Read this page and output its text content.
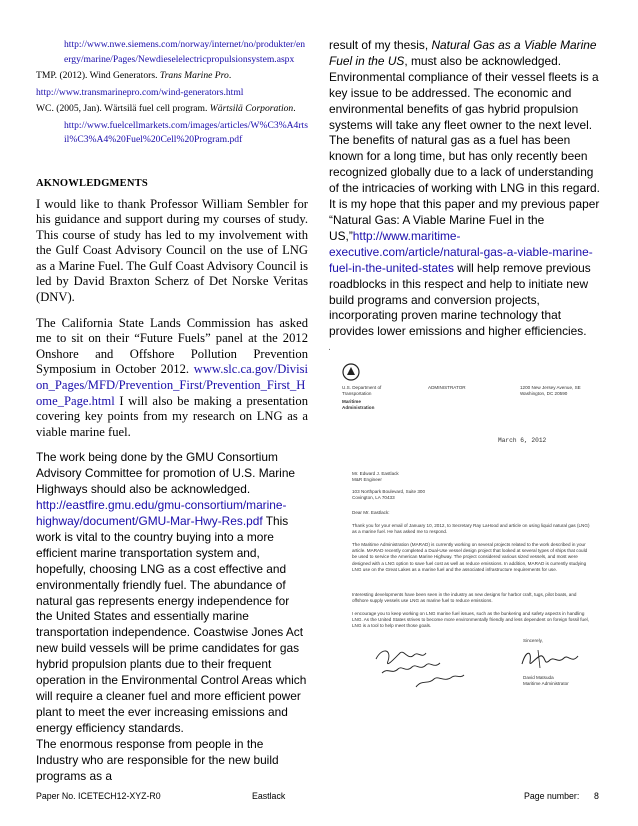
http://www.nwe.siemens.com/norway/internet/no/produkter/energy/marine/Pages/Newdieselelectricpropulsionsystem.aspx
TMP. (2012). Wind Generators. Trans Marine Pro.
http://www.transmarinepro.com/wind-generators.html
WC. (2005, Jan). Wärtsilä fuel cell program. Wärtsilä Corporation.
http://www.fuelcellmarkets.com/images/articles/W%C3%A4rtsil%C3%A4%20Fuel%20Cell%20Program.pdf
AKNOWLEDGMENTS

I would like to thank Professor William Sembler for his guidance and support during my courses of study. This course of study has led to my involvement with the Gulf Coast Advisory Council on the use of LNG as a Marine Fuel. The Gulf Coast Advisory Council is led by David Braxton Scherz of Det Norske Veritas (DNV).

The California State Lands Commission has asked me to sit on their “Future Fuels” panel at the 2012 Onshore and Offshore Pollution Prevention Symposium in October 2012. www.slc.ca.gov/Division_Pages/MFD/Prevention_First/Prevention_First_Home_Page.html I will also be making a presentation covering key points from my research on LNG as a viable marine fuel.

The work being done by the GMU Consortium Advisory Committee for promotion of U.S. Marine Highways should also be acknowledged. http://eastfire.gmu.edu/gmu-consortium/marine-highway/document/GMU-Mar-Hwy-Res.pdf This work is vital to the country buying into a more efficient marine transportation system and, hopefully, choosing LNG as a cost effective and environmentally friendly fuel. The abundance of natural gas represents energy independence for the United States and essentially marine transportation independence. Coastwise Jones Act new build vessels will be prime candidates for gas hybrid propulsion plants due to their frequent operation in the Environmental Control Areas which will require a cleaner fuel and more efficient power plant to meet the ever increasing emissions and energy efficiency standards.

The enormous response from people in the Industry who are responsible for the new build programs as a

result of my thesis, Natural Gas as a Viable Marine Fuel in the US, must also be acknowledged. Environmental compliance of their vessel fleets is a key issue to be addressed. The economic and environmental benefits of gas hybrid propulsion systems will take any fleet owner to the next level. The benefits of natural gas as a fuel has been known for a long time, but has only recently been recognized globally due to a lack of understanding of the intricacies of working with LNG in this regard. It is my hope that this paper and my previous paper “Natural Gas: A Viable Marine Fuel in the US,”http://www.maritime-executive.com/article/natural-gas-a-viable-marine-fuel-in-the-united-states will help remove previous roadblocks in this respect and help to initiate new build programs and conversion projects, incorporating proven marine technology that provides lower emissions and higher efficiencies.

U.S. Department of Transportation
Maritime Administration
ADMINISTRATOR	1200 New Jersey Avenue, SE Washington, DC 20590
March 6, 2012
Mr. Edward J. Eastlack
M&R Engineer
103 Northpark Boulevard, Suite 300
Covington, LA 70433
Dear Mr. Eastlack:
Thank you for your email of January 10, 2012, to Secretary Ray LaHood and article on using liquid natural gas (LNG) as a marine fuel. He has asked me to respond.
The Maritime Administration (MARAD) is currently working on several projects related to the work described in your article. MARAD recently completed a Dual-Use vessel design project that looked at several types of ships that could be used to service the American Marine Highway. The project considered various sized vessels, and most were designed with a LNG option to save fuel cost as well as reduce emissions. In addition, MARAD is currently studying LNG use on the Great Lakes as a marine fuel and the associated infrastructure requirements for use.
Interesting developments have been seen in the industry as new designs for harbor craft, tugs, pilot boats, and offshore supply vessels use LNG as marine fuel to reduce emissions.
I encourage you to keep working on LNG marine fuel issues, such as the bunkering and safety aspects in handling LNG. As the United States strives to become more environmentally friendly and less dependent on foreign fossil fuel, LNG is a tool to help meet those goals.
Sincerely,
David Matsuda
Maritime Administrator
Paper No. ICETECH12-XYZ-R0	Eastlack	Page number: 8
